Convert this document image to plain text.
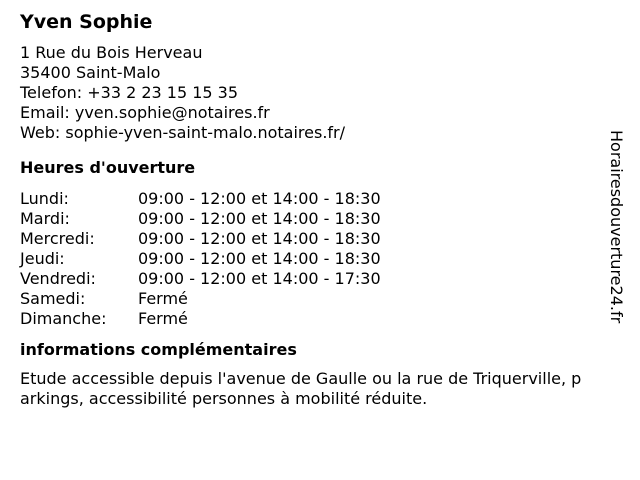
Yven Sophie
1 Rue du Bois Herveau
35400 Saint-Malo
Telefon: +33 2 23 15 15 35
Email: yven.sophie@notaires.fr
Web: sophie-yven-saint-malo.notaires.fr/
Heures d'ouverture
Lundi:	09:00 - 12:00 et 14:00 - 18:30
Mardi:	09:00 - 12:00 et 14:00 - 18:30
Mercredi:	09:00 - 12:00 et 14:00 - 18:30
Jeudi:	09:00 - 12:00 et 14:00 - 18:30
Vendredi:	09:00 - 12:00 et 14:00 - 17:30
Samedi:	Fermé
Dimanche:	Fermé
informations complémentaires
Etude accessible depuis l'avenue de Gaulle ou la rue de Triquerville, parkings, accessibilité personnes à mobilité réduite.
Horairesdouverture24.fr
